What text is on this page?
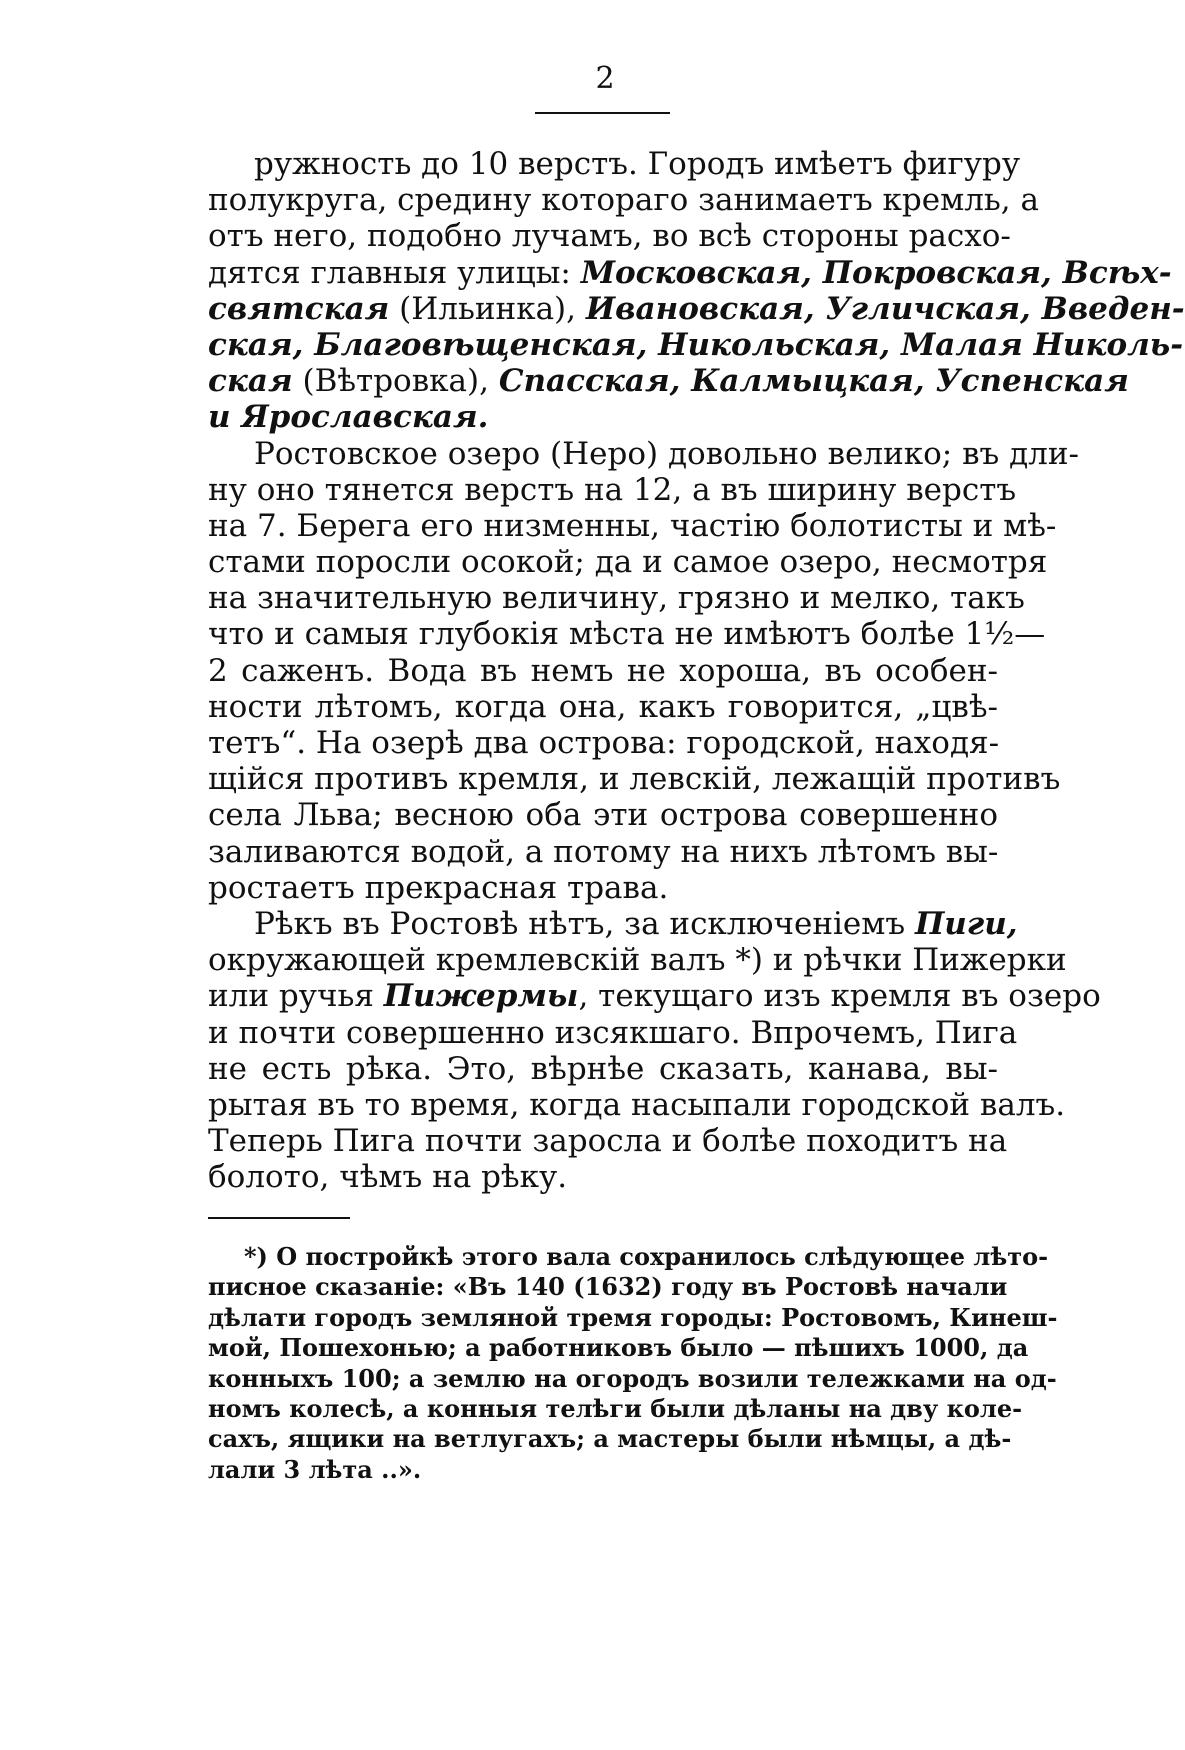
2
ружность до 10 верстъ. Городъ имѣетъ фигуру
полукруга, средину котораго занимаетъ кремль, а
отъ него, подобно лучамъ, во всѣ стороны расхо-
дятся главныя улицы: Московская, Покровская, Всѣх-
святская (Ильинка), Ивановская, Угличская, Введен-
ская, Благовѣщенская, Никольская, Малая Николь-
ская (Вѣтровка), Спасская, Калмыцкая, Успенская
и Ярославская.
Ростовское озеро (Неро) довольно велико; въ дли-
ну оно тянется верстъ на 12, а въ ширину верстъ
на 7. Берега его низменны, частію болотисты и мѣ-
стами поросли осокой; да и самое озеро, несмотря
на значительную величину, грязно и мелко, такъ
что и самыя глубокія мѣста не имѣютъ болѣе 1½—
2 саженъ. Вода въ немъ не хороша, въ особен-
ности лѣтомъ, когда она, какъ говорится, „цвѣ-
тетъ“. На озерѣ два острова: городской, находя-
щійся противъ кремля, и левскій, лежащій противъ
села Льва; весною оба эти острова совершенно
заливаются водой, а потому на нихъ лѣтомъ вы-
ростаетъ прекрасная трава.
Рѣкъ въ Ростовѣ нѣтъ, за исключеніемъ Пиги,
окружающей кремлевскій валъ *) и рѣчки Пижерки
или ручья Пижермы, текущаго изъ кремля въ озеро
и почти совершенно изсякшаго. Впрочемъ, Пига
не есть рѣка. Это, вѣрнѣе сказать, канава, вы-
рытая въ то время, когда насыпали городской валъ.
Теперь Пига почти заросла и болѣе походитъ на
болото, чѣмъ на рѣку.
*) О постройкѣ этого вала сохранилось слѣдующее лѣто-
писное сказаніе: «Въ 140 (1632) году въ Ростовѣ начали
дѣлати городъ земляной тремя городы: Ростовомъ, Кинеш-
мой, Пошехонью; а работниковъ было — пѣшихъ 1000, да
конныхъ 100; а землю на огородъ возили тележками на од-
номъ колесѣ, а конныя телѣги были дѣланы на дву коле-
сахъ, ящики на ветлугахъ; а мастеры были нѣмцы, а дѣ-
лали 3 лѣта ..».
